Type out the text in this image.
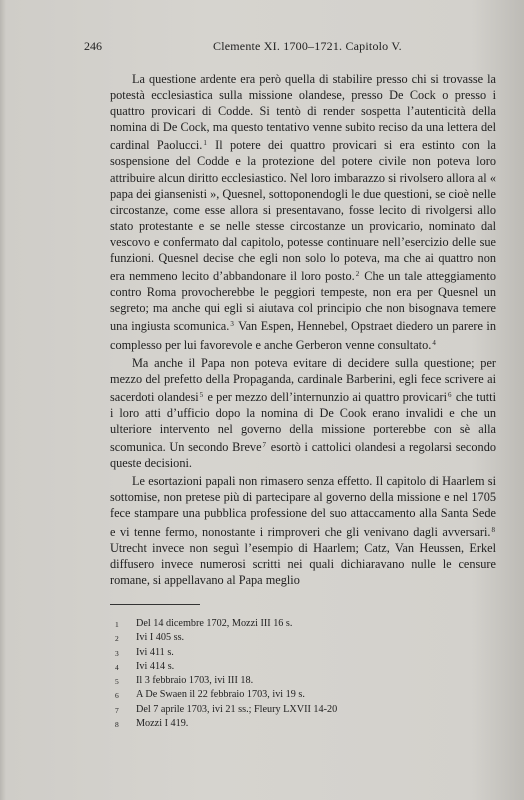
246	Clemente XI. 1700–1721. Capitolo V.

La questione ardente era però quella di stabilire presso chi si trovasse la potestà ecclesiastica sulla missione olandese, presso De Cock o presso i quattro provicari di Codde. Si tentò di render sospetta l’autenticità della nomina di De Cock, ma questo tentativo venne subito reciso da una lettera del cardinal Paolucci.$^1$ Il potere dei quattro provicari si era estinto con la sospensione del Codde e la protezione del potere civile non poteva loro attribuire alcun diritto ecclesiastico. Nel loro imbarazzo si rivolsero allora al « papa dei giansenisti », Quesnel, sottoponendogli le due questioni, se cioè nelle circostanze, come esse allora si presentavano, fosse lecito di rivolgersi allo stato protestante e se nelle stesse circostanze un provicario, nominato dal vescovo e confermato dal capitolo, potesse continuare nell’esercizio delle sue funzioni. Quesnel decise che egli non solo lo poteva, ma che ai quattro non era nemmeno lecito d’abbandonare il loro posto.$^2$ Che un tale atteggiamento contro Roma provocherebbe le peggiori tempeste, non era per Quesnel un segreto; ma anche qui egli si aiutava col principio che non bisognava temere una ingiusta scomunica.$^3$ Van Espen, Hennebel, Opstraet diedero un parere in complesso per lui favorevole e anche Gerberon venne consultato.$^4$

Ma anche il Papa non poteva evitare di decidere sulla questione; per mezzo del prefetto della Propaganda, cardinale Barberini, egli fece scrivere ai sacerdoti olandesi$^5$ e per mezzo dell’internunzio ai quattro provicari$^6$ che tutti i loro atti d’ufficio dopo la nomina di De Cook erano invalidi e che un ulteriore intervento nel governo della missione porterebbe con sè alla scomunica. Un secondo Breve$^7$ esortò i cattolici olandesi a regolarsi secondo queste decisioni.

Le esortazioni papali non rimasero senza effetto. Il capitolo di Haarlem si sottomise, non pretese più di partecipare al governo della missione e nel 1705 fece stampare una pubblica professione del suo attaccamento alla Santa Sede e vi tenne fermo, nonostante i rimproveri che gli venivano dagli avversari.$^8$ Utrecht invece non seguì l’esempio di Haarlem; Catz, Van Heussen, Erkel diffusero invece numerosi scritti nei quali dichiaravano nulle le censure romane, si appellavano al Papa meglio

1	Del 14 dicembre 1702, Mozzi III 16 s.
2	Ivi I 405 ss.
3	Ivi 411 s.
4	Ivi 414 s.
5	Il 3 febbraio 1703, ivi III 18.
6	A De Swaen il 22 febbraio 1703, ivi 19 s.
7	Del 7 aprile 1703, ivi 21 ss.; Fleury LXVII 14-20
8	Mozzi I 419.
